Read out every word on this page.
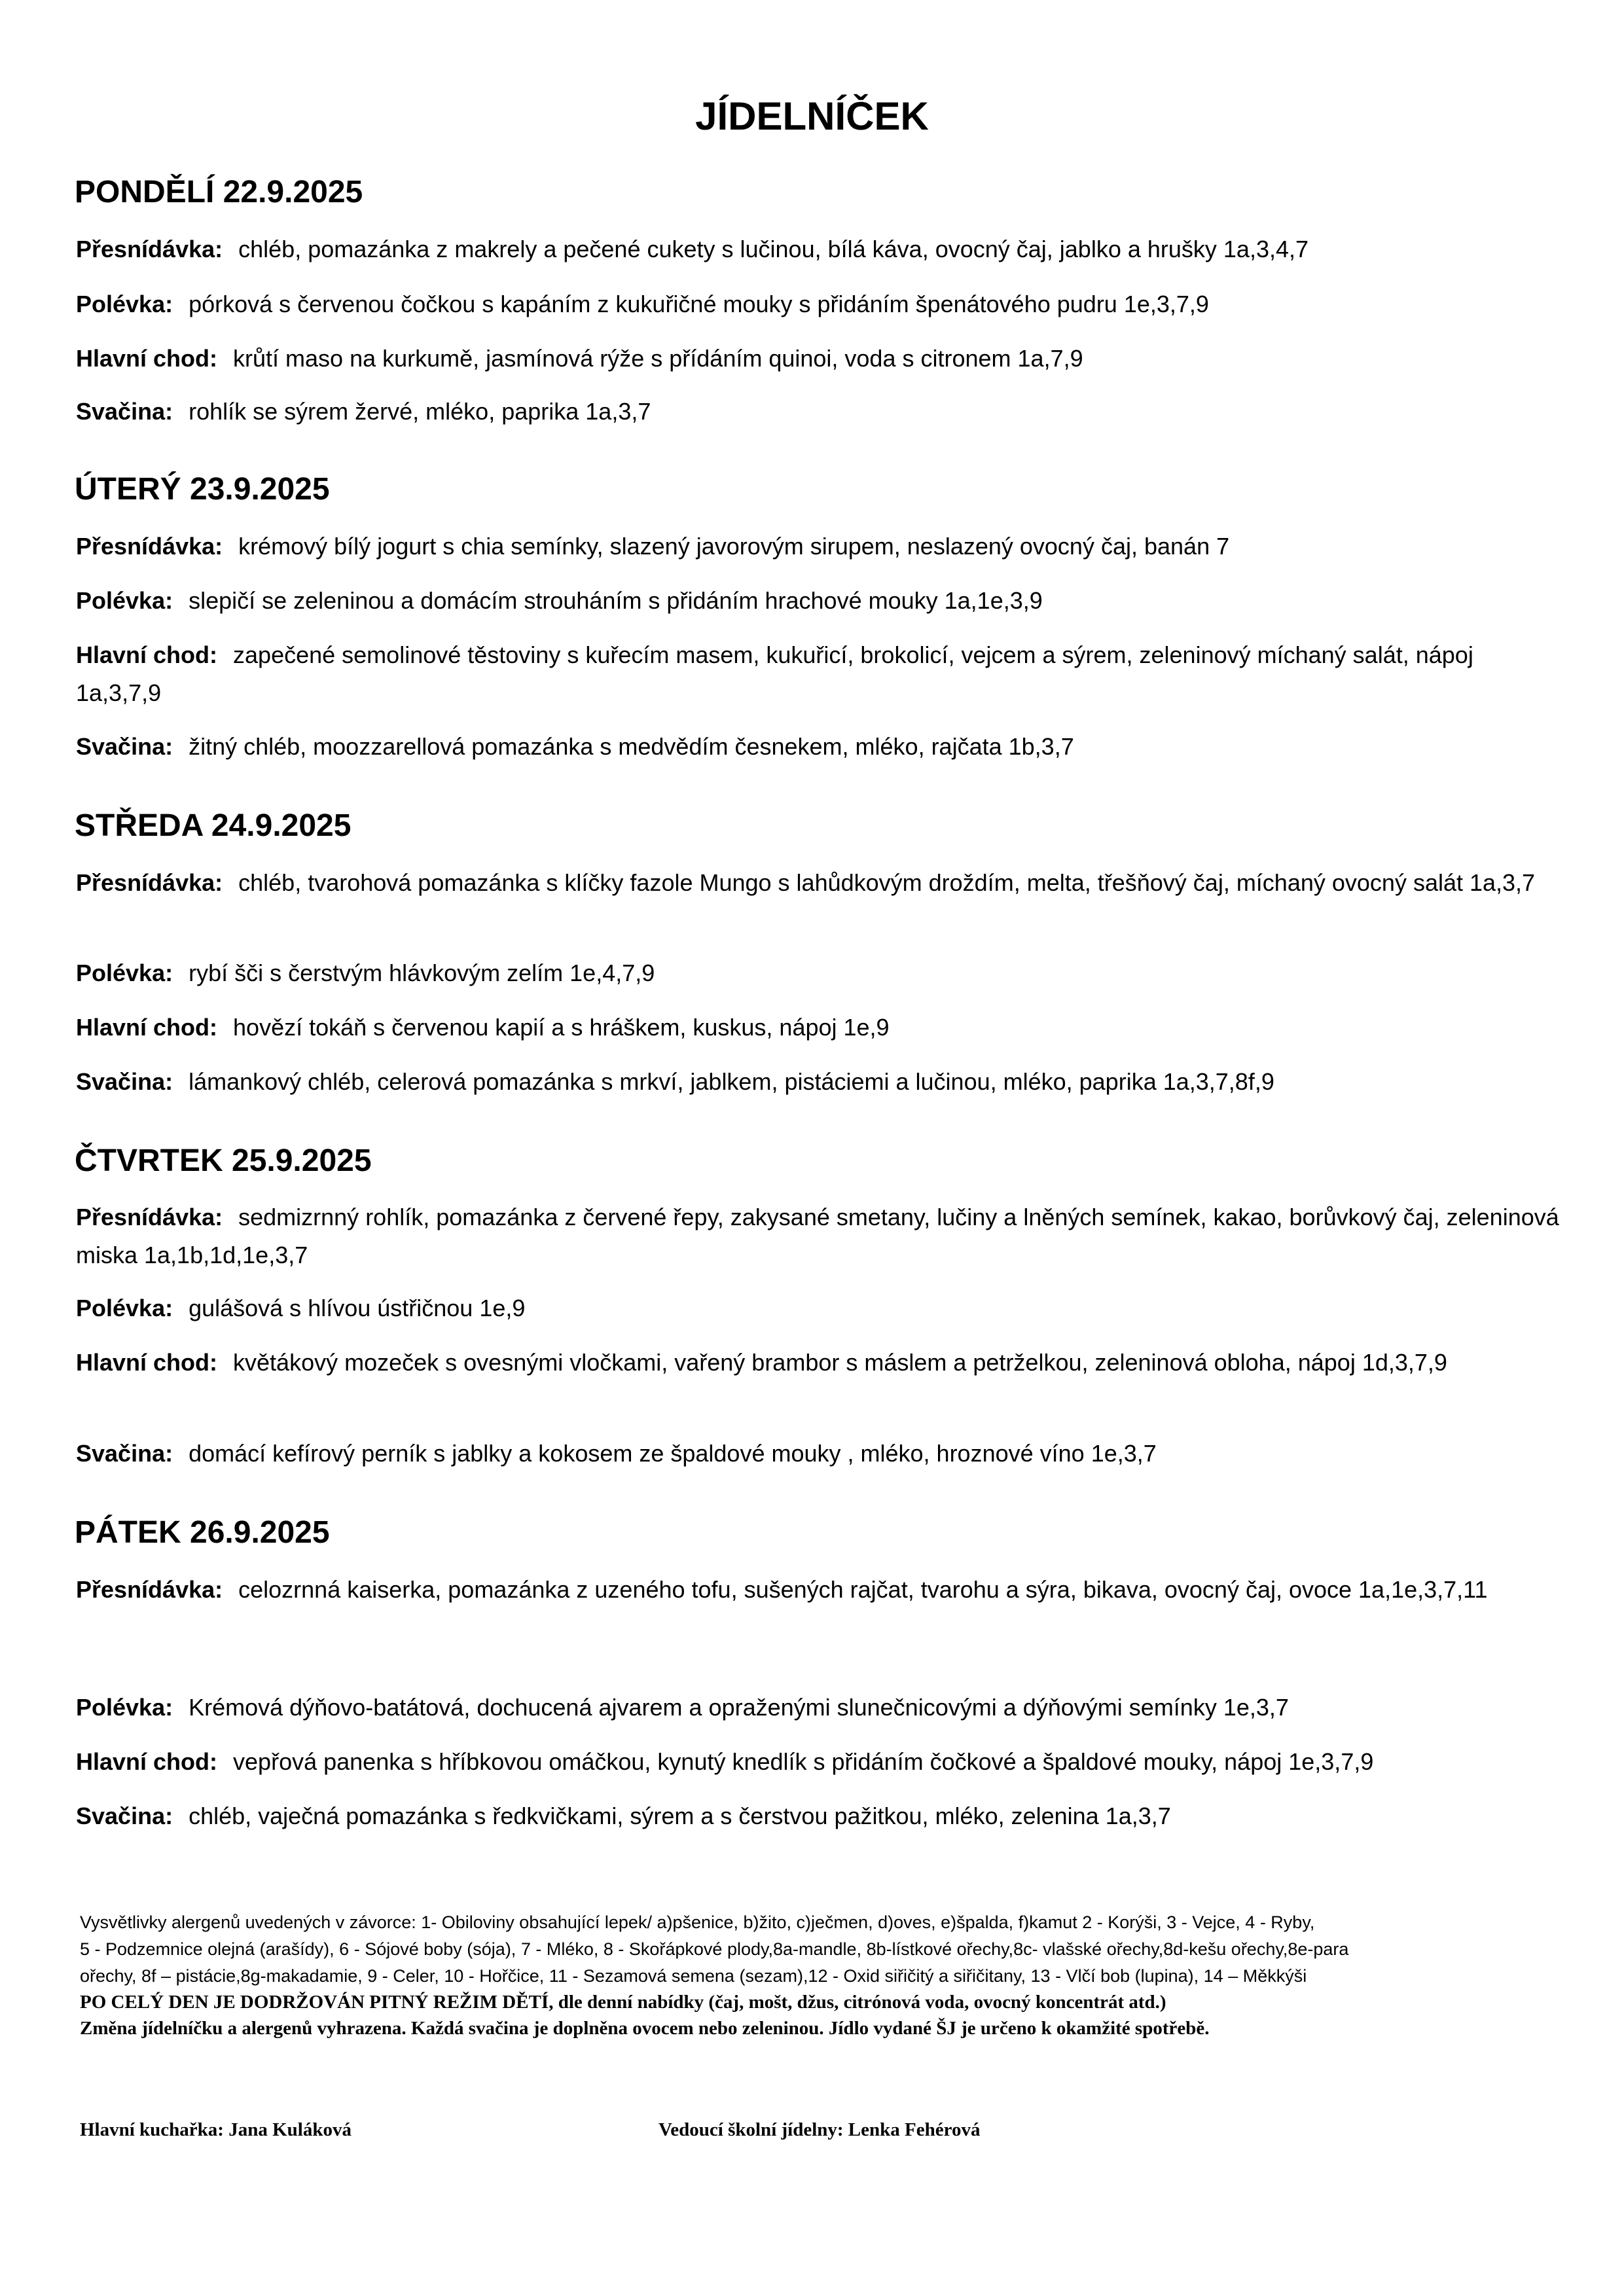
JÍDELNÍČEK
PONDĚLÍ 22.9.2025
Přesnídávka: chléb, pomazánka z makrely a pečené cukety s lučinou, bílá káva, ovocný čaj, jablko a hrušky 1a,3,4,7
Polévka: pórková s červenou čočkou s kapáním z kukuřičné mouky s přidáním špenátového pudru 1e,3,7,9
Hlavní chod: krůtí maso na kurkumě, jasmínová rýže s přídáním quinoi, voda s citronem 1a,7,9
Svačina: rohlík se sýrem žervé, mléko, paprika 1a,3,7
ÚTERÝ 23.9.2025
Přesnídávka: krémový bílý jogurt s chia semínky, slazený javorovým sirupem, neslazený ovocný čaj, banán 7
Polévka: slepičí se zeleninou a domácím strouháním s přidáním hrachové mouky 1a,1e,3,9
Hlavní chod: zapečené semolinové těstoviny s kuřecím masem, kukuřicí, brokolicí, vejcem a sýrem, zeleninový míchaný salát, nápoj 1a,3,7,9
Svačina: žitný chléb, moozzarellová pomazánka s medvědím česnekem, mléko, rajčata 1b,3,7
STŘEDA 24.9.2025
Přesnídávka: chléb, tvarohová pomazánka s klíčky fazole Mungo s lahůdkovým droždím, melta, třešňový čaj, míchaný ovocný salát 1a,3,7
Polévka: rybí šči s čerstvým hlávkovým zelím 1e,4,7,9
Hlavní chod: hovězí tokáň s červenou kapií a s hráškem, kuskus, nápoj 1e,9
Svačina: lámankový chléb, celerová pomazánka s mrkví, jablkem, pistáciemi a lučinou, mléko, paprika 1a,3,7,8f,9
ČTVRTEK 25.9.2025
Přesnídávka: sedmizrnný rohlík, pomazánka z červené řepy, zakysané smetany, lučiny a lněných semínek, kakao, borůvkový čaj, zeleninová miska 1a,1b,1d,1e,3,7
Polévka: gulášová s hlívou ústřičnou 1e,9
Hlavní chod: květákový mozeček s ovesnými vločkami, vařený brambor s máslem a petrželkou, zeleninová obloha, nápoj 1d,3,7,9
Svačina: domácí kefírový perník s jablky a kokosem ze špaldové mouky , mléko, hroznové víno 1e,3,7
PÁTEK 26.9.2025
Přesnídávka: celozrnná kaiserka, pomazánka z uzeného tofu, sušených rajčat, tvarohu a sýra, bikava, ovocný čaj, ovoce 1a,1e,3,7,11
Polévka: Krémová dýňovo-batátová, dochucená ajvarem a opraženými slunečnicovými a dýňovými semínky 1e,3,7
Hlavní chod: vepřová panenka s hříbkovou omáčkou, kynutý knedlík s přidáním čočkové a špaldové mouky, nápoj 1e,3,7,9
Svačina: chléb, vaječná pomazánka s ředkvičkami, sýrem a s čerstvou pažitkou, mléko, zelenina 1a,3,7
Vysvětlivky alergenů uvedených v závorce: 1- Obiloviny obsahující lepek/ a)pšenice, b)žito, c)ječmen, d)oves, e)špalda, f)kamut 2 - Korýši, 3 - Vejce, 4 - Ryby,
5 - Podzemnice olejná (arašídy), 6 - Sójové boby (sója), 7 - Mléko, 8 - Skořápkové plody,8a-mandle, 8b-lístkové ořechy,8c- vlašské ořechy,8d-kešu ořechy,8e-para
ořechy, 8f – pistácie,8g-makadamie, 9 - Celer, 10 - Hořčice, 11 - Sezamová semena (sezam),12 - Oxid siřičitý a siřičitany, 13 - Vlčí bob (lupina), 14 – Měkkýši
PO CELÝ DEN JE DODRŽOVÁN PITNÝ REŽIM DĚTÍ, dle denní nabídky (čaj, mošt, džus, citrónová voda, ovocný koncentrát atd.)
Změna jídelníčku a alergenů vyhrazena. Každá svačina je doplněna ovocem nebo zeleninou. Jídlo vydané ŠJ je určeno k okamžité spotřebě.
Hlavní kuchařka: Jana Kuláková	Vedoucí školní jídelny: Lenka Fehérová
